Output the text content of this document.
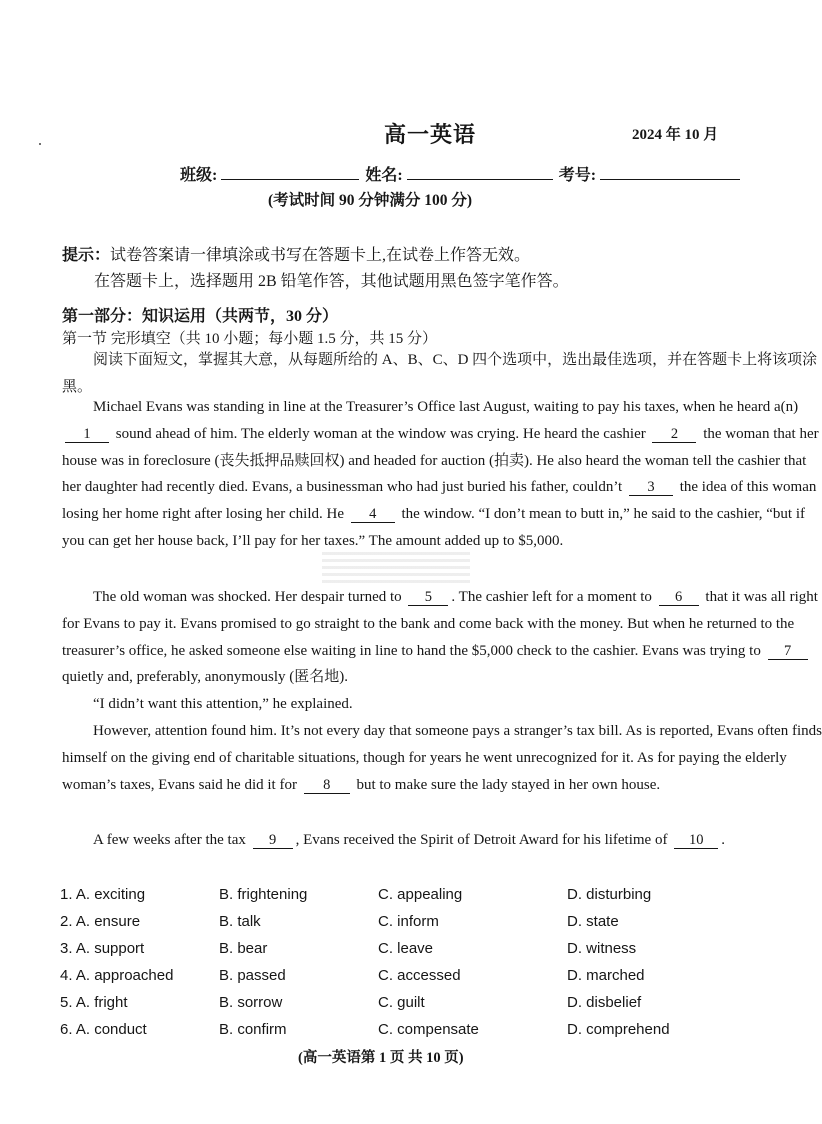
高一英语	2024 年 10 月
班级:	姓名:	考号:
(考试时间 90 分钟满分 100 分)
提示：试卷答案请一律填涂或书写在答题卡上,在试卷上作答无效。
在答题卡上，选择题用 2B 铅笔作答，其他试题用黑色签字笔作答。
第一部分：知识运用（共两节，30 分）
第一节 完形填空（共 10 小题；每小题 1.5 分，共 15 分）

阅读下面短文，掌握其大意，从每题所给的 A、B、C、D 四个选项中，选出最佳选项，并在答题卡上将该项涂黑。

Michael Evans was standing in line at the Treasurer’s Office last August, waiting to pay his taxes, when he heard a(n) 1 sound ahead of him. The elderly woman at the window was crying. He heard the cashier 2 the woman that her house was in foreclosure (丧失抵押品赎回权) and headed for auction (拍卖). He also heard the woman tell the cashier that her daughter had recently died. Evans, a businessman who had just buried his father, couldn’t 3 the idea of this woman losing her home right after losing her child. He 4 the window. “I don’t mean to butt in,” he said to the cashier, “but if you can get her house back, I’ll pay for her taxes.” The amount added up to $5,000.

The old woman was shocked. Her despair turned to 5 . The cashier left for a moment to 6 that it was all right for Evans to pay it. Evans promised to go straight to the bank and come back with the money. But when he returned to the treasurer’s office, he asked someone else waiting in line to hand the $5,000 check to the cashier. Evans was trying to 7 quietly and, preferably, anonymously (匿名地).

“I didn’t want this attention,” he explained.

However, attention found him. It’s not every day that someone pays a stranger’s tax bill. As is reported, Evans often finds himself on the giving end of charitable situations, though for years he went unrecognized for it. As for paying the elderly woman’s taxes, Evans said he did it for 8 but to make sure the lady stayed in her own house.

A few weeks after the tax 9 , Evans received the Spirit of Detroit Award for his lifetime of 10 .

1. A. exciting	B. frightening	C. appealing	D. disturbing
2. A. ensure	B. talk	C. inform	D. state
3. A. support	B. bear	C. leave	D. witness
4. A. approached	B. passed	C. accessed	D. marched
5. A. fright	B. sorrow	C. guilt	D. disbelief
6. A. conduct	B. confirm	C. compensate	D. comprehend
(高一英语第 1 页 共 10 页)
